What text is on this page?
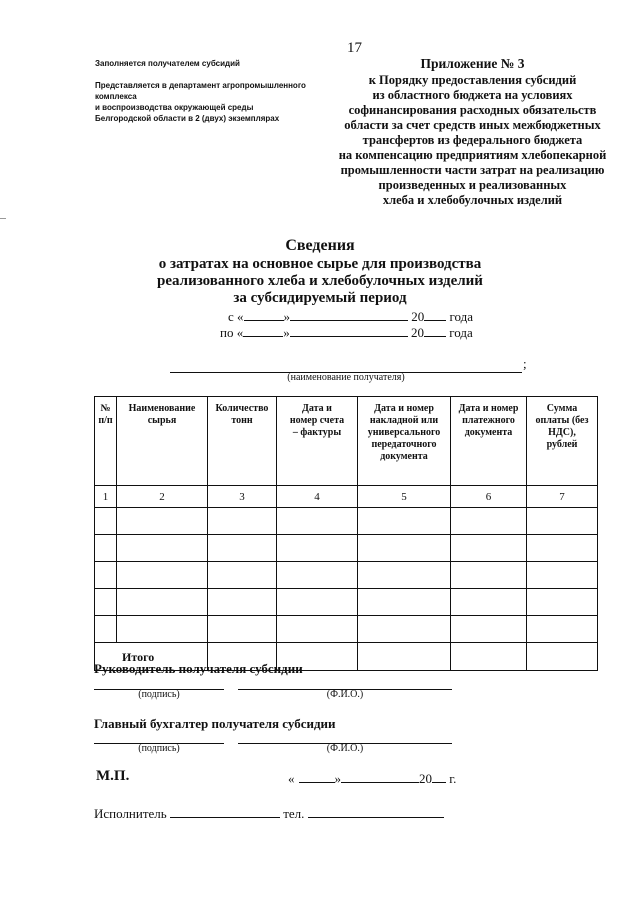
17
Заполняется получателем субсидий
Представляется в департамент агропромышленного
комплекса
и воспроизводства окружающей среды
Белгородской области в 2 (двух) экземплярах
Приложение № 3
к Порядку предоставления субсидий
из областного бюджета на условиях
софинансирования расходных обязательств
области за счет средств иных межбюджетных
трансфертов из федерального бюджета
на компенсацию предприятиям хлебопекарной
промышленности части затрат на реализацию
произведенных и реализованных
хлеба и хлебобулочных изделий
Сведения
о затратах на основное сырье для производства
реализованного хлеба и хлебобулочных изделий
за субсидируемый период
с «	»	20 года
по «	»	20 года
;
(наименование получателя)
№ п/п	Наименование сырья	Количество тонн	Дата и номер счета – фактуры	Дата и номер накладной или универсального передаточного документа	Дата и номер платежного документа	Сумма оплаты (без НДС), рублей
1	2	3	4	5	6	7

Итого						
Руководитель получателя субсидии
(подпись)	(Ф.И.О.)
Главный бухгалтер получателя субсидии
(подпись)	(Ф.И.О.)
М.П.	«	»	20 г.
Исполнитель	тел.
